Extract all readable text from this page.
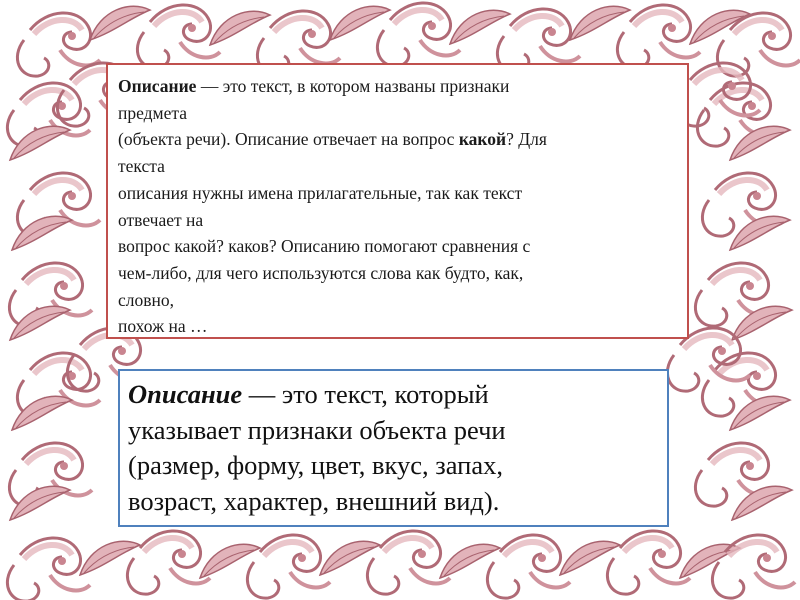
Описание — это текст, в котором названы признаки
предмета
(объекта речи). Описание отвечает на вопрос какой? Для
текста
описания нужны имена прилагательные, так как текст
отвечает на
вопрос какой? каков? Описанию помогают сравнения с
чем-либо, для чего используются слова как будто, как,
словно,
похож на …
Описание — это текст, который
указывает признаки объекта речи
(размер, форму, цвет, вкус, запах,
возраст, характер, внешний вид).
